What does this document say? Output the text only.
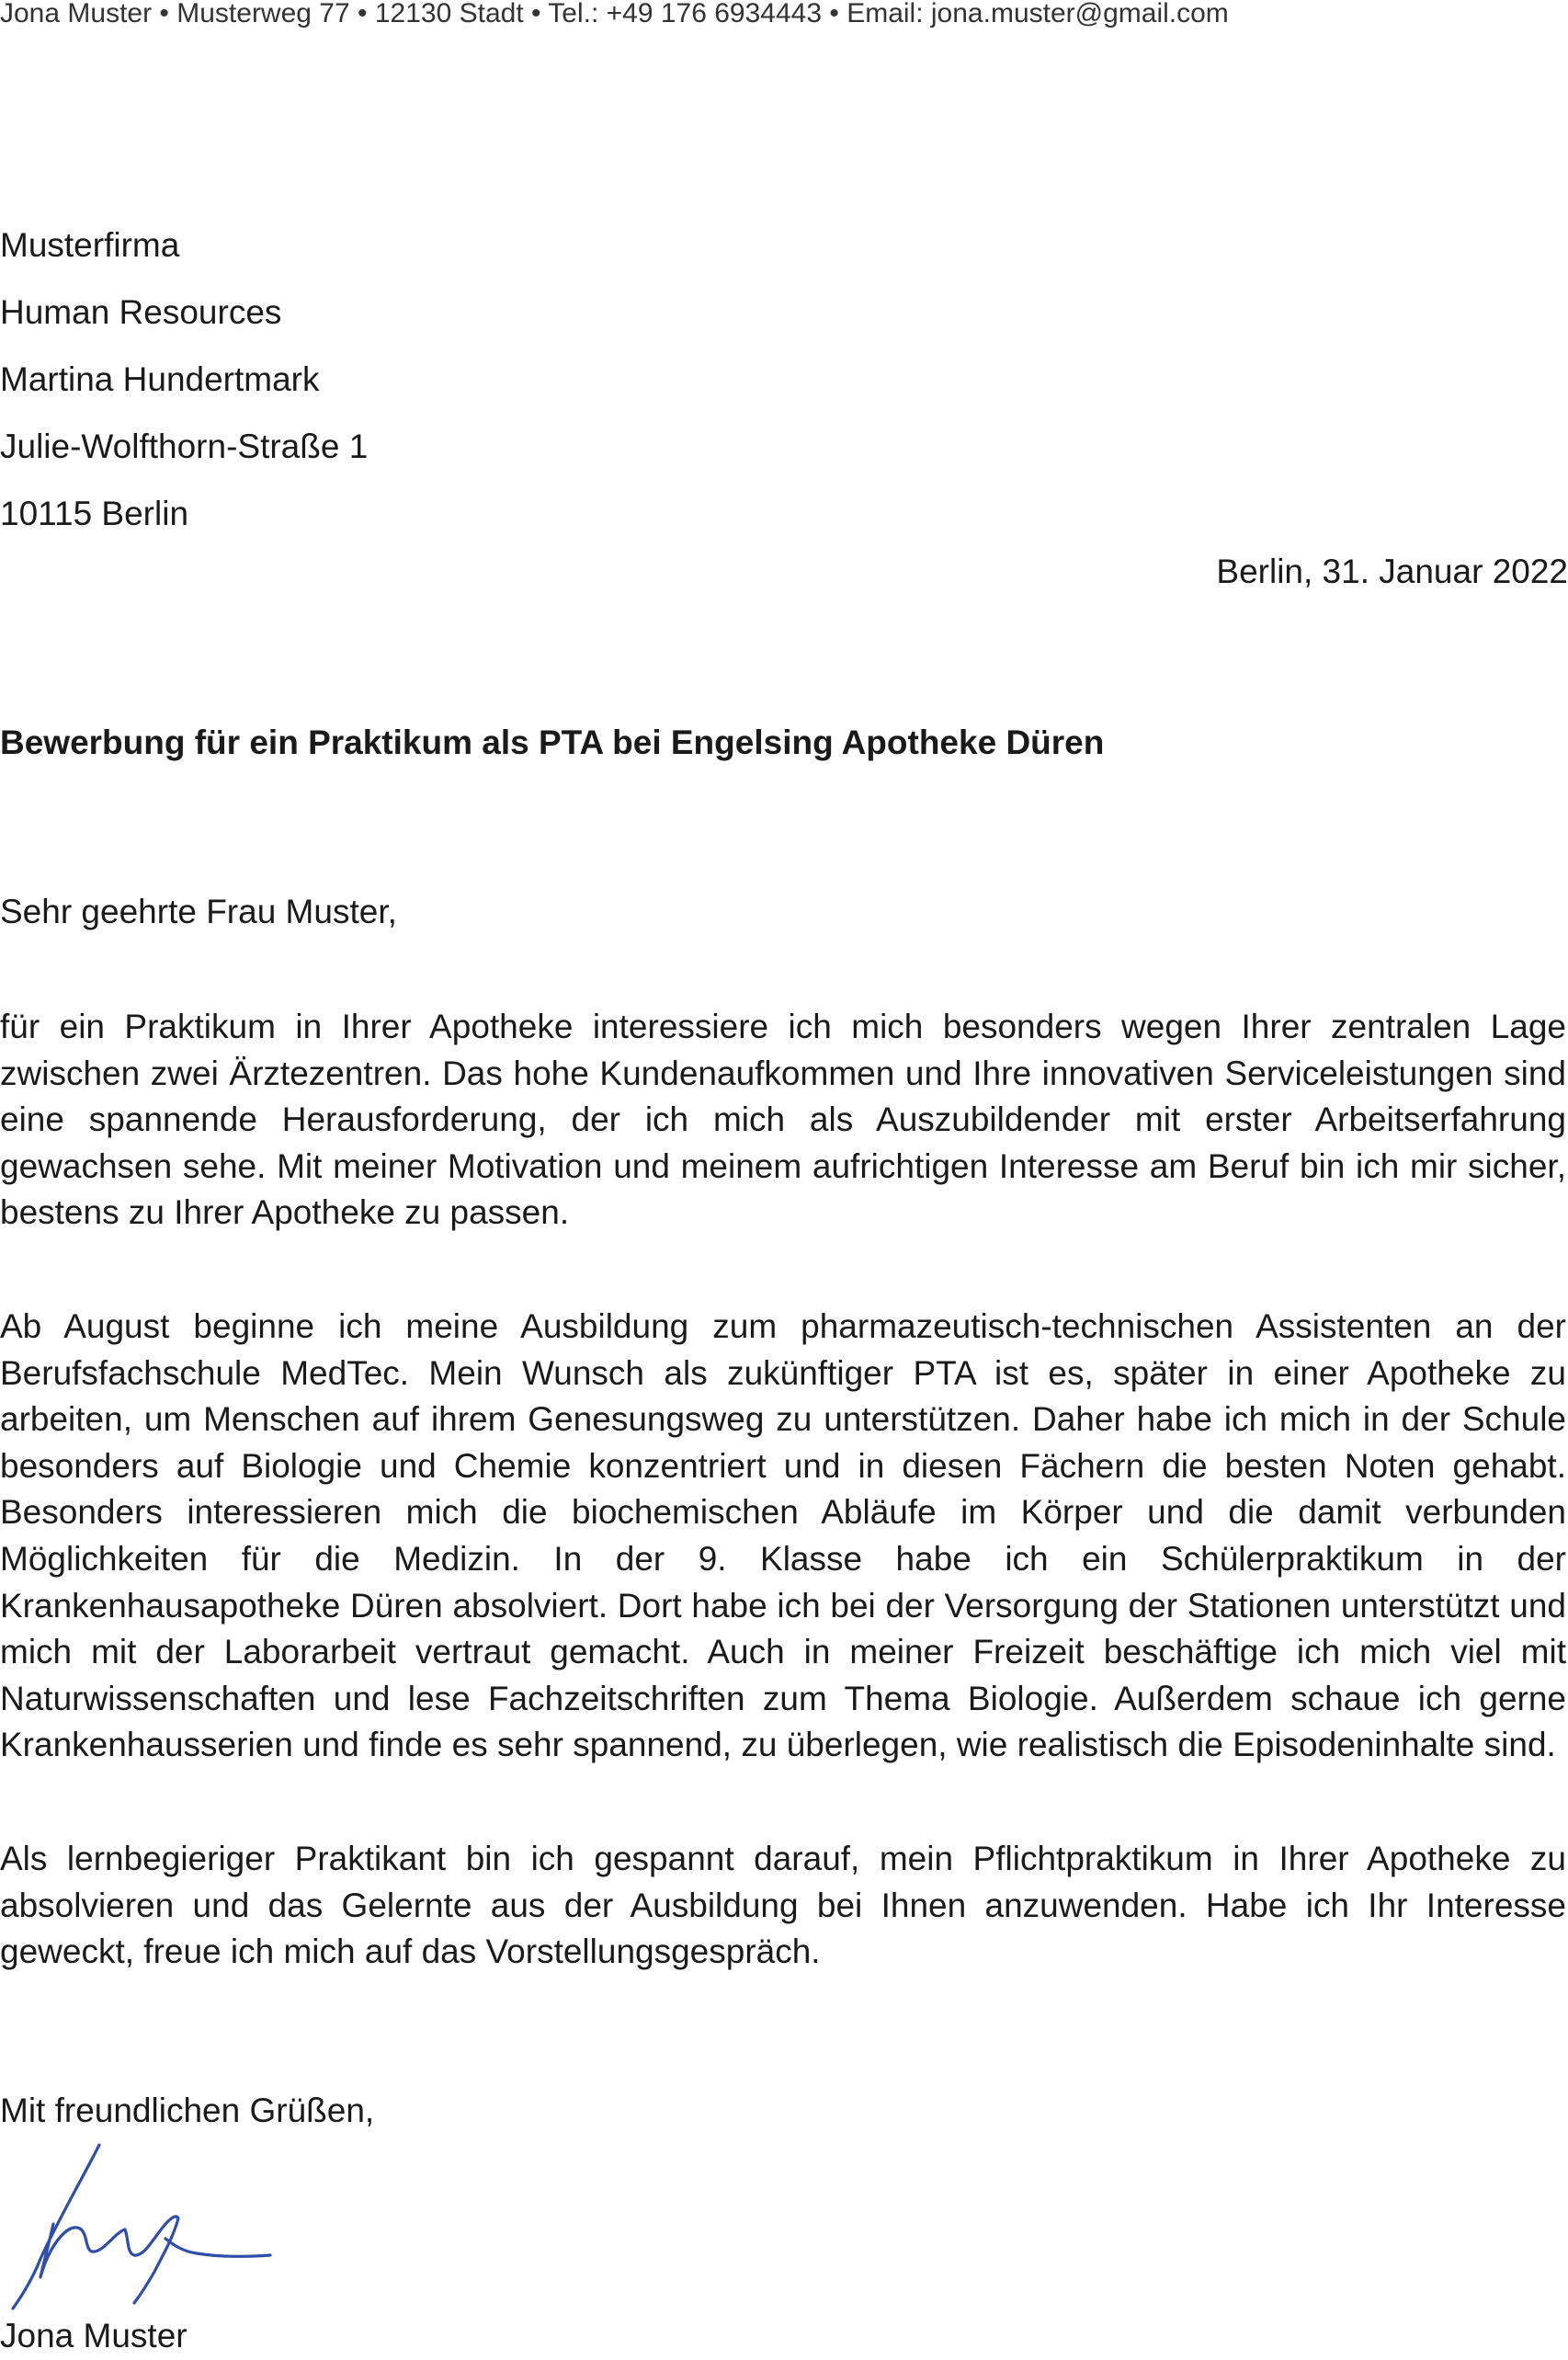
Jona Muster • Musterweg 77 • 12130 Stadt • Tel.: +49 176 6934443 • Email: jona.muster@gmail.com
Musterfirma
Human Resources
Martina Hundertmark
Julie-Wolfthorn-Straße 1
10115 Berlin
Berlin, 31. Januar 2022
Bewerbung für ein Praktikum als PTA bei Engelsing Apotheke Düren
Sehr geehrte Frau Muster,

für ein Praktikum in Ihrer Apotheke interessiere ich mich besonders wegen Ihrer zentralen Lage zwischen zwei Ärztezentren. Das hohe Kundenaufkommen und Ihre innovativen Serviceleistungen sind eine spannende Herausforderung, der ich mich als Auszubildender mit erster Arbeitserfahrung gewachsen sehe. Mit meiner Motivation und meinem aufrichtigen Interesse am Beruf bin ich mir sicher, bestens zu Ihrer Apotheke zu passen.

Ab August beginne ich meine Ausbildung zum pharmazeutisch-technischen Assistenten an der Berufsfachschule MedTec. Mein Wunsch als zukünftiger PTA ist es, später in einer Apotheke zu arbeiten, um Menschen auf ihrem Genesungsweg zu unterstützen. Daher habe ich mich in der Schule besonders auf Biologie und Chemie konzentriert und in diesen Fächern die besten Noten gehabt. Besonders interessieren mich die biochemischen Abläufe im Körper und die damit verbunden Möglichkeiten für die Medizin. In der 9. Klasse habe ich ein Schülerpraktikum in der Krankenhausapotheke Düren absolviert. Dort habe ich bei der Versorgung der Stationen unterstützt und mich mit der Laborarbeit vertraut gemacht. Auch in meiner Freizeit beschäftige ich mich viel mit Naturwissenschaften und lese Fachzeitschriften zum Thema Biologie. Außerdem schaue ich gerne Krankenhausserien und finde es sehr spannend, zu überlegen, wie realistisch die Episodeninhalte sind.

Als lernbegieriger Praktikant bin ich gespannt darauf, mein Pflichtpraktikum in Ihrer Apotheke zu absolvieren und das Gelernte aus der Ausbildung bei Ihnen anzuwenden. Habe ich Ihr Interesse geweckt, freue ich mich auf das Vorstellungsgespräch.

Mit freundlichen Grüßen,
Jona Muster
